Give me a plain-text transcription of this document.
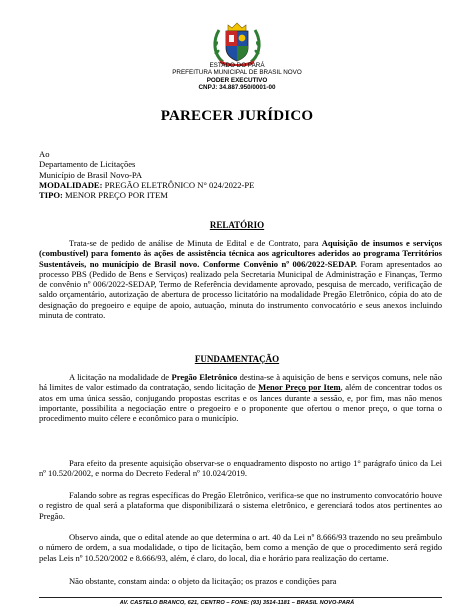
ESTADO DO PARÁ
PREFEITURA MUNICIPAL DE BRASIL NOVO
PODER EXECUTIVO
CNPJ: 34.887.950/0001-00
PARECER JURÍDICO
Ao
Departamento de Licitações
Município de Brasil Novo-PA
MODALIDADE: PREGÃO ELETRÔNICO N° 024/2022-PE
TIPO: MENOR PREÇO POR ITEM
RELATÓRIO
Trata-se de pedido de análise de Minuta de Edital e de Contrato, para Aquisição de insumos e serviços (combustível) para fomento às ações de assistência técnica aos agricultores aderidos ao programa Territórios Sustentáveis, no município de Brasil novo. Conforme Convênio nº 006/2022-SEDAP. Foram apresentados ao processo PBS (Pedido de Bens e Serviços) realizado pela Secretaria Municipal de Administração e Finanças, Termo de convênio nº 006/2022-SEDAP, Termo de Referência devidamente aprovado, pesquisa de mercado, verificação de saldo orçamentário, autorização de abertura de processo licitatório na modalidade Pregão Eletrônico, cópia do ato de designação do pregoeiro e equipe de apoio, autuação, minuta do instrumento convocatório e seus anexos incluindo minuta de contrato.
FUNDAMENTAÇÃO
A licitação na modalidade de Pregão Eletrônico destina-se à aquisição de bens e serviços comuns, nele não há limites de valor estimado da contratação, sendo licitação de Menor Preço por Item, além de concentrar todos os atos em uma única sessão, conjugando propostas escritas e os lances durante a sessão, e, por fim, mas não menos importante, possibilita a negociação entre o pregoeiro e o proponente que ofertou o menor preço, o que torna o procedimento muito célere e econômico para o município.
Para efeito da presente aquisição observar-se o enquadramento disposto no artigo 1° parágrafo único da Lei nº 10.520/2002, e norma do Decreto Federal nº 10.024/2019.
Falando sobre as regras específicas do Pregão Eletrônico, verifica-se que no instrumento convocatório houve o registro de qual será a plataforma que disponibilizará o sistema eletrônico, e gerenciará todos atos pertinentes ao Pregão.
Observo ainda, que o edital atende ao que determina o art. 40 da Lei nº 8.666/93 trazendo no seu preâmbulo o número de ordem, a sua modalidade, o tipo de licitação, bem como a menção de que o procedimento será regido pelas Leis nº 10.520/2002 e 8.666/93, além, é claro, do local, dia e horário para realização do certame.
Não obstante, constam ainda: o objeto da licitação; os prazos e condições para
AV. CASTELO BRANCO, 621, CENTRO – FONE: (93) 3514-1181 – BRASIL NOVO-PARÁ
